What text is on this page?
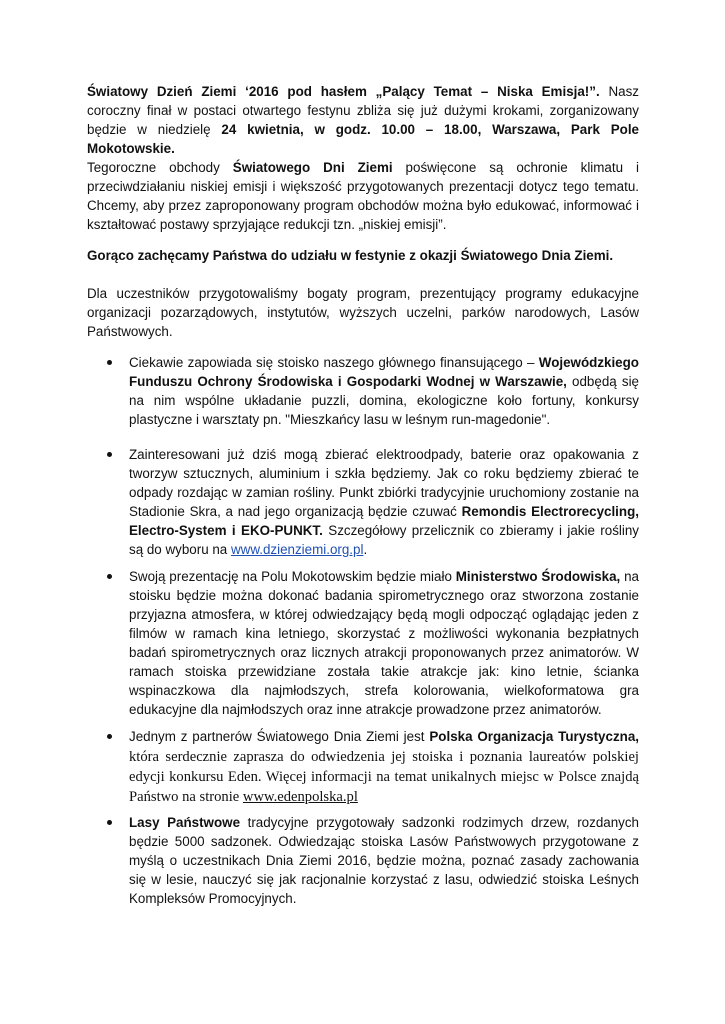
Światowy Dzień Ziemi ‘2016 pod hasłem „Palący Temat – Niska Emisja!”. Nasz coroczny finał w postaci otwartego festynu zbliża się już dużymi krokami, zorganizowany będzie w niedzielę 24 kwietnia, w godz. 10.00 – 18.00, Warszawa, Park Pole Mokotowskie.

Tegoroczne obchody Światowego Dni Ziemi poświęcone są ochronie klimatu i przeciwdziałaniu niskiej emisji i większość przygotowanych prezentacji dotycz tego tematu. Chcemy, aby przez zaproponowany program obchodów można było edukować, informować i kształtować postawy sprzyjające redukcji tzn. „niskiej emisji”.

Gorąco zachęcamy Państwa do udziału w festynie z okazji Światowego Dnia Ziemi.

Dla uczestników przygotowaliśmy bogaty program, prezentujący programy edukacyjne organizacji pozarządowych, instytutów, wyższych uczelni, parków narodowych, Lasów Państwowych.

Ciekawie zapowiada się stoisko naszego głównego finansującego – Wojewódzkiego Funduszu Ochrony Środowiska i Gospodarki Wodnej w Warszawie, odbędą się na nim wspólne układanie puzzli, domina, ekologiczne koło fortuny, konkursy plastyczne i warsztaty pn. "Mieszkańcy lasu w leśnym run-magedonie".

Zainteresowani już dziś mogą zbierać elektroodpady, baterie oraz opakowania z tworzyw sztucznych, aluminium i szkła będziemy. Jak co roku będziemy zbierać te odpady rozdając w zamian rośliny. Punkt zbiórki tradycyjnie uruchomiony zostanie na Stadionie Skra, a nad jego organizacją będzie czuwać Remondis Electrorecycling, Electro-System i EKO-PUNKT. Szczegółowy przelicznik co zbieramy i jakie rośliny są do wyboru na www.dzienziemi.org.pl.

Swoją prezentację na Polu Mokotowskim będzie miało Ministerstwo Środowiska, na stoisku będzie można dokonać badania spirometrycznego oraz stworzona zostanie przyjazna atmosfera, w której odwiedzający będą mogli odpocząć oglądając jeden z filmów w ramach kina letniego, skorzystać z możliwości wykonania bezpłatnych badań spirometrycznych oraz licznych atrakcji proponowanych przez animatorów. W ramach stoiska przewidziane została takie atrakcje jak: kino letnie, ścianka wspinaczkowa dla najmłodszych, strefa kolorowania, wielkoformatowa gra edukacyjne dla najmłodszych oraz inne atrakcje prowadzone przez animatorów.

Jednym z partnerów Światowego Dnia Ziemi jest Polska Organizacja Turystyczna, która serdecznie zaprasza do odwiedzenia jej stoiska i poznania laureatów polskiej edycji konkursu Eden. Więcej informacji na temat unikalnych miejsc w Polsce znajdą Państwo na stronie www.edenpolska.pl

Lasy Państwowe tradycyjne przygotowały sadzonki rodzimych drzew, rozdanych będzie 5000 sadzonek. Odwiedzając stoiska Lasów Państwowych przygotowane z myślą o uczestnikach Dnia Ziemi 2016, będzie można, poznać zasady zachowania się w lesie, nauczyć się jak racjonalnie korzystać z lasu, odwiedzić stoiska Leśnych Kompleksów Promocyjnych.
